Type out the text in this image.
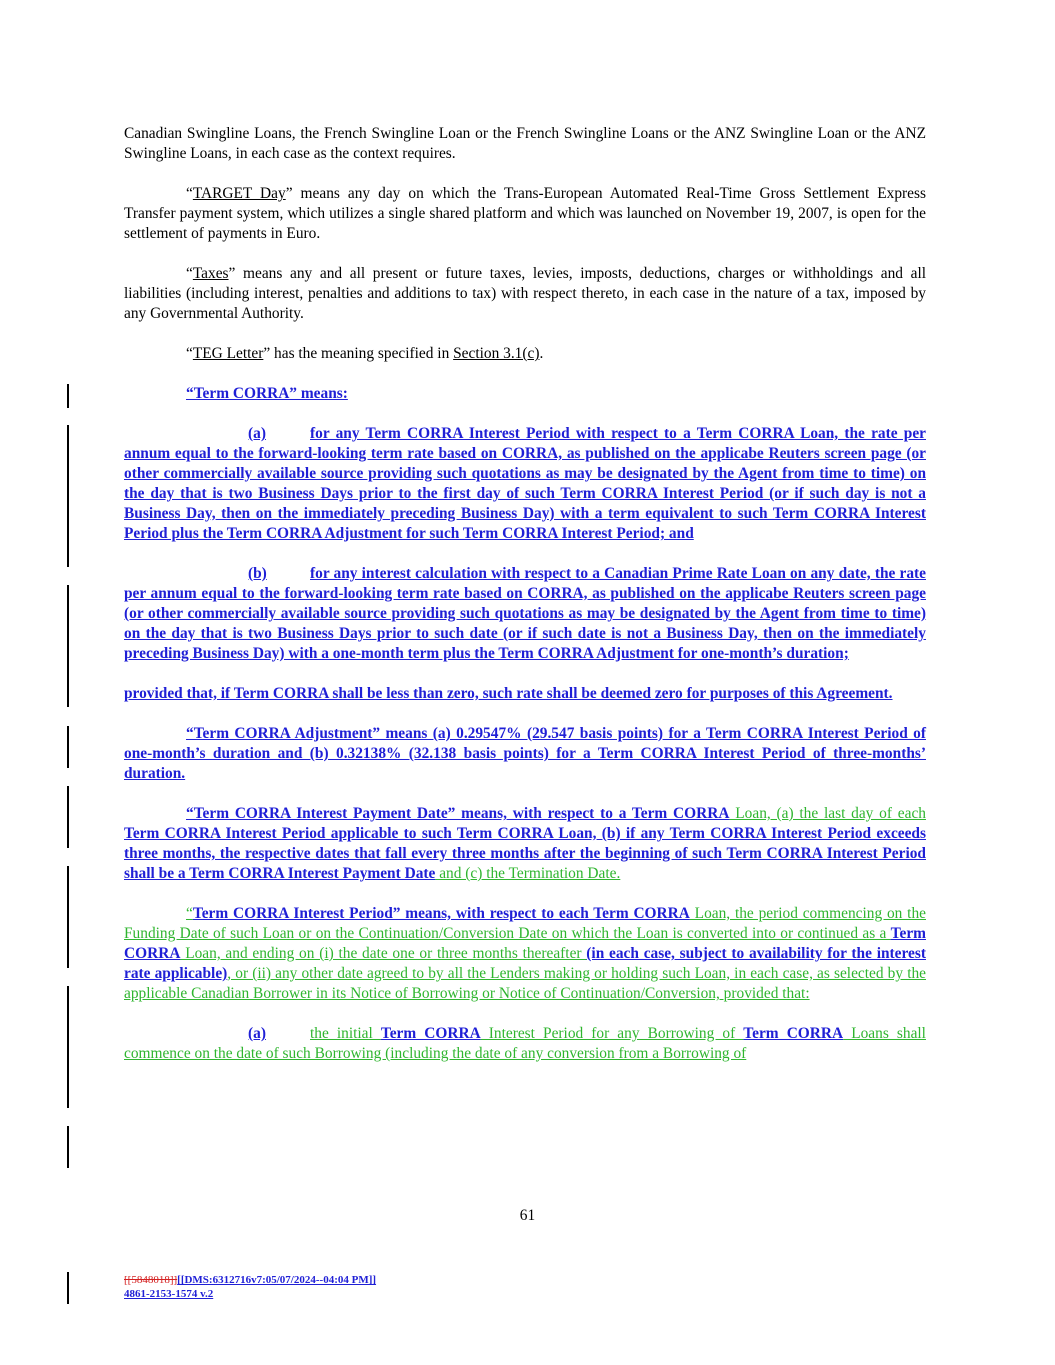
Canadian Swingline Loans, the French Swingline Loan or the French Swingline Loans or the ANZ Swingline Loan or the ANZ Swingline Loans, in each case as the context requires.

“TARGET Day” means any day on which the Trans-European Automated Real-Time Gross Settlement Express Transfer payment system, which utilizes a single shared platform and which was launched on November 19, 2007, is open for the settlement of payments in Euro.

“Taxes” means any and all present or future taxes, levies, imposts, deductions, charges or withholdings and all liabilities (including interest, penalties and additions to tax) with respect thereto, in each case in the nature of a tax, imposed by any Governmental Authority.

“TEG Letter” has the meaning specified in Section 3.1(c).

“Term CORRA” means:

(a)	for any Term CORRA Interest Period with respect to a Term CORRA Loan, the rate per annum equal to the forward-looking term rate based on CORRA, as published on the applicabe Reuters screen page (or other commercially available source providing such quotations as may be designated by the Agent from time to time) on the day that is two Business Days prior to the first day of such Term CORRA Interest Period (or if such day is not a Business Day, then on the immediately preceding Business Day) with a term equivalent to such Term CORRA Interest Period plus the Term CORRA Adjustment for such Term CORRA Interest Period; and

(b)	for any interest calculation with respect to a Canadian Prime Rate Loan on any date, the rate per annum equal to the forward-looking term rate based on CORRA, as published on the applicabe Reuters screen page (or other commercially available source providing such quotations as may be designated by the Agent from time to time) on the day that is two Business Days prior to such date (or if such date is not a Business Day, then on the immediately preceding Business Day) with a one-month term plus the Term CORRA Adjustment for one-month’s duration;

provided that, if Term CORRA shall be less than zero, such rate shall be deemed zero for purposes of this Agreement.

“Term CORRA Adjustment” means (a) 0.29547% (29.547 basis points) for a Term CORRA Interest Period of one-month’s duration and (b) 0.32138% (32.138 basis points) for a Term CORRA Interest Period of three-months’ duration.

“Term CORRA Interest Payment Date” means, with respect to a Term CORRA Loan, (a) the last day of each Term CORRA Interest Period applicable to such Term CORRA Loan, (b) if any Term CORRA Interest Period exceeds three months, the respective dates that fall every three months after the beginning of such Term CORRA Interest Period shall be a Term CORRA Interest Payment Date and (c) the Termination Date.

“Term CORRA Interest Period” means, with respect to each Term CORRA Loan, the period commencing on the Funding Date of such Loan or on the Continuation/Conversion Date on which the Loan is converted into or continued as a Term CORRA Loan, and ending on (i) the date one or three months thereafter (in each case, subject to availability for the interest rate applicable), or (ii) any other date agreed to by all the Lenders making or holding such Loan, in each case, as selected by the applicable Canadian Borrower in its Notice of Borrowing or Notice of Continuation/Conversion, provided that:

(a)	the initial Term CORRA Interest Period for any Borrowing of Term CORRA Loans shall commence on the date of such Borrowing (including the date of any conversion from a Borrowing of

61
[[5848018]][[DMS:6312716v7:05/07/2024--04:04 PM]]
4861-2153-1574 v.2
